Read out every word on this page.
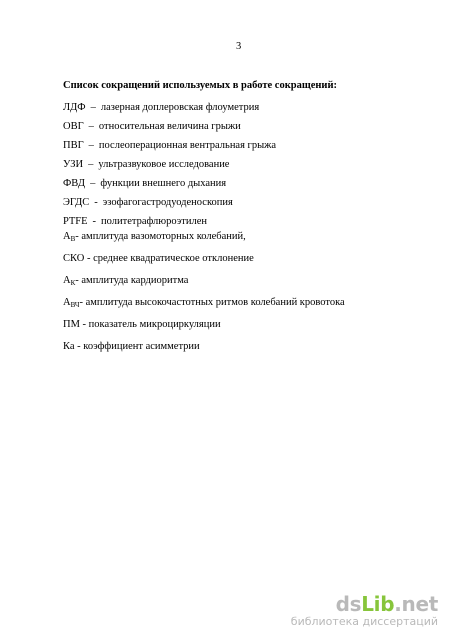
3
Список сокращений используемых в работе сокращений:
ЛДФ – лазерная доплеровская флоуметрия
ОВГ – относительная величина грыжи
ПВГ – послеоперационная вентральная грыжа
УЗИ – ультразвуковое исследование
ФВД – функции внешнего дыхания
ЭГДС - эзофагогастродуоденоскопия
PTFE - политетрафлюроэтилен
$А_В-$ амплитуда вазомоторных колебаний,
СКО - среднее квадратическое отклонение
$А_К-$ амплитуда кардиоритма
$А_{ВЧ}-$ амплитуда высокочастотных ритмов колебаний кровотока
ПМ - показатель микроциркуляции
Ка - коэффициент асимметрии
dsLib.net
библиотека диссертаций
